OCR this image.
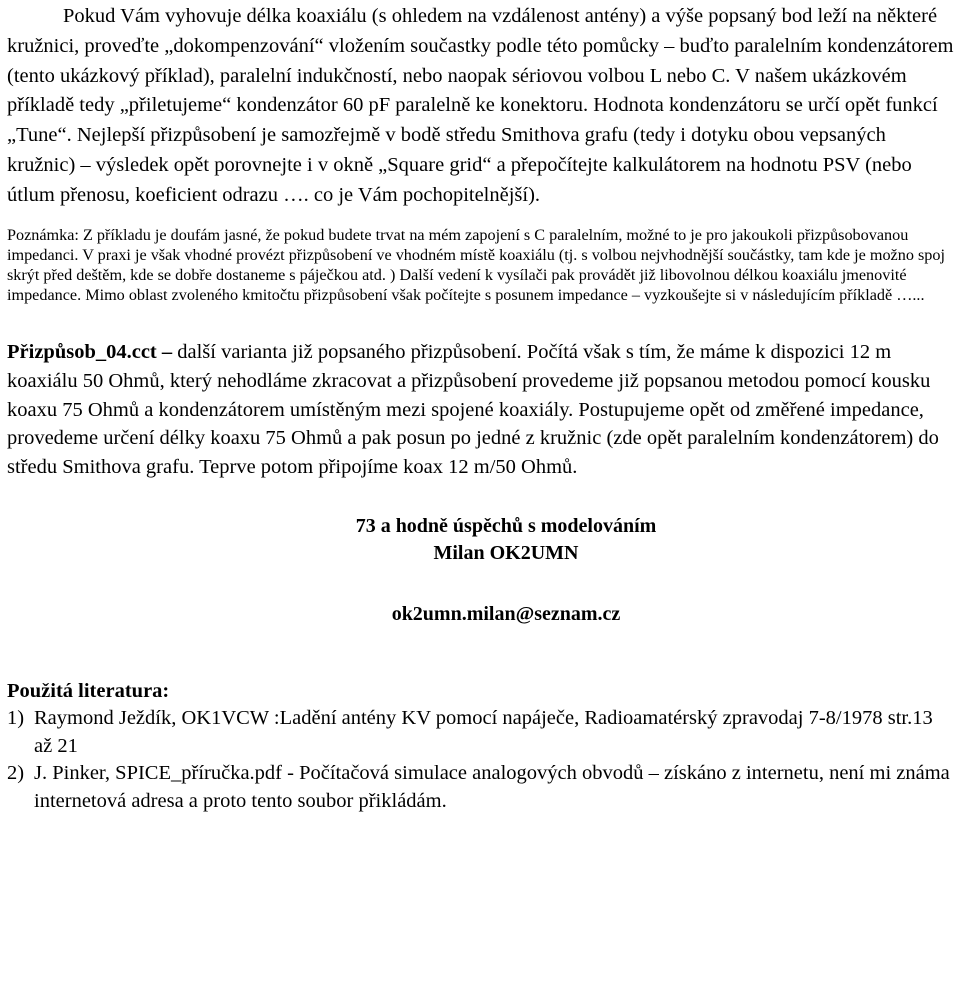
Pokud Vám vyhovuje délka koaxiálu (s ohledem na vzdálenost antény) a výše popsaný bod leží na některé kružnici, proveďte „dokompenzování“ vložením součastky podle této pomůcky – buďto paralelním kondenzátorem (tento ukázkový příklad), paralelní indukčností, nebo naopak sériovou volbou L nebo C. V našem ukázkovém příkladě tedy „přiletujeme“ kondenzátor 60 pF paralelně ke konektoru. Hodnota kondenzátoru se určí opět funkcí „Tune“. Nejlepší přizpůsobení je samozřejmě v bodě středu Smithova grafu (tedy i dotyku obou vepsaných kružnic) – výsledek opět porovnejte i v okně „Square grid“ a přepočítejte kalkulátorem na hodnotu PSV (nebo útlum přenosu, koeficient odrazu …. co je Vám pochopitelnější).

Poznámka: Z příkladu je doufám jasné, že pokud budete trvat na mém zapojení s C paralelním, možné to je pro jakoukoli přizpůsobovanou impedanci. V praxi je však vhodné provézt přizpůsobení ve vhodném místě koaxiálu (tj. s volbou nejvhodnější součástky, tam kde je možno spoj skrýt před deštěm, kde se dobře dostaneme s páječkou atd. ) Další vedení k vysílači pak provádět již libovolnou délkou koaxiálu jmenovité impedance. Mimo oblast zvoleného kmitočtu přizpůsobení však počítejte s posunem impedance – vyzkoušejte si v následujícím příkladě …...

Přizpůsob_04.cct – další varianta již popsaného přizpůsobení. Počítá však s tím, že máme k dispozici 12 m koaxiálu 50 Ohmů, který nehodláme zkracovat a přizpůsobení provedeme již popsanou metodou pomocí kousku koaxu 75 Ohmů a kondenzátorem umístěným mezi spojené koaxiály. Postupujeme opět od změřené impedance, provedeme určení délky koaxu 75 Ohmů a pak posun po jedné z kružnic (zde opět paralelním kondenzátorem) do středu Smithova grafu. Teprve potom připojíme koax 12 m/50 Ohmů.

73 a hodně úspěchů s modelováním
Milan OK2UMN
ok2umn.milan@seznam.cz
Použitá literatura:
1) Raymond Ježdík, OK1VCW :Ladění antény KV pomocí napáječe, Radioamatérský zpravodaj 7-8/1978 str.13 až 21
2) J. Pinker, SPICE_příručka.pdf - Počítačová simulace analogových obvodů – získáno z internetu, není mi známa internetová adresa a proto tento soubor přikládám.
